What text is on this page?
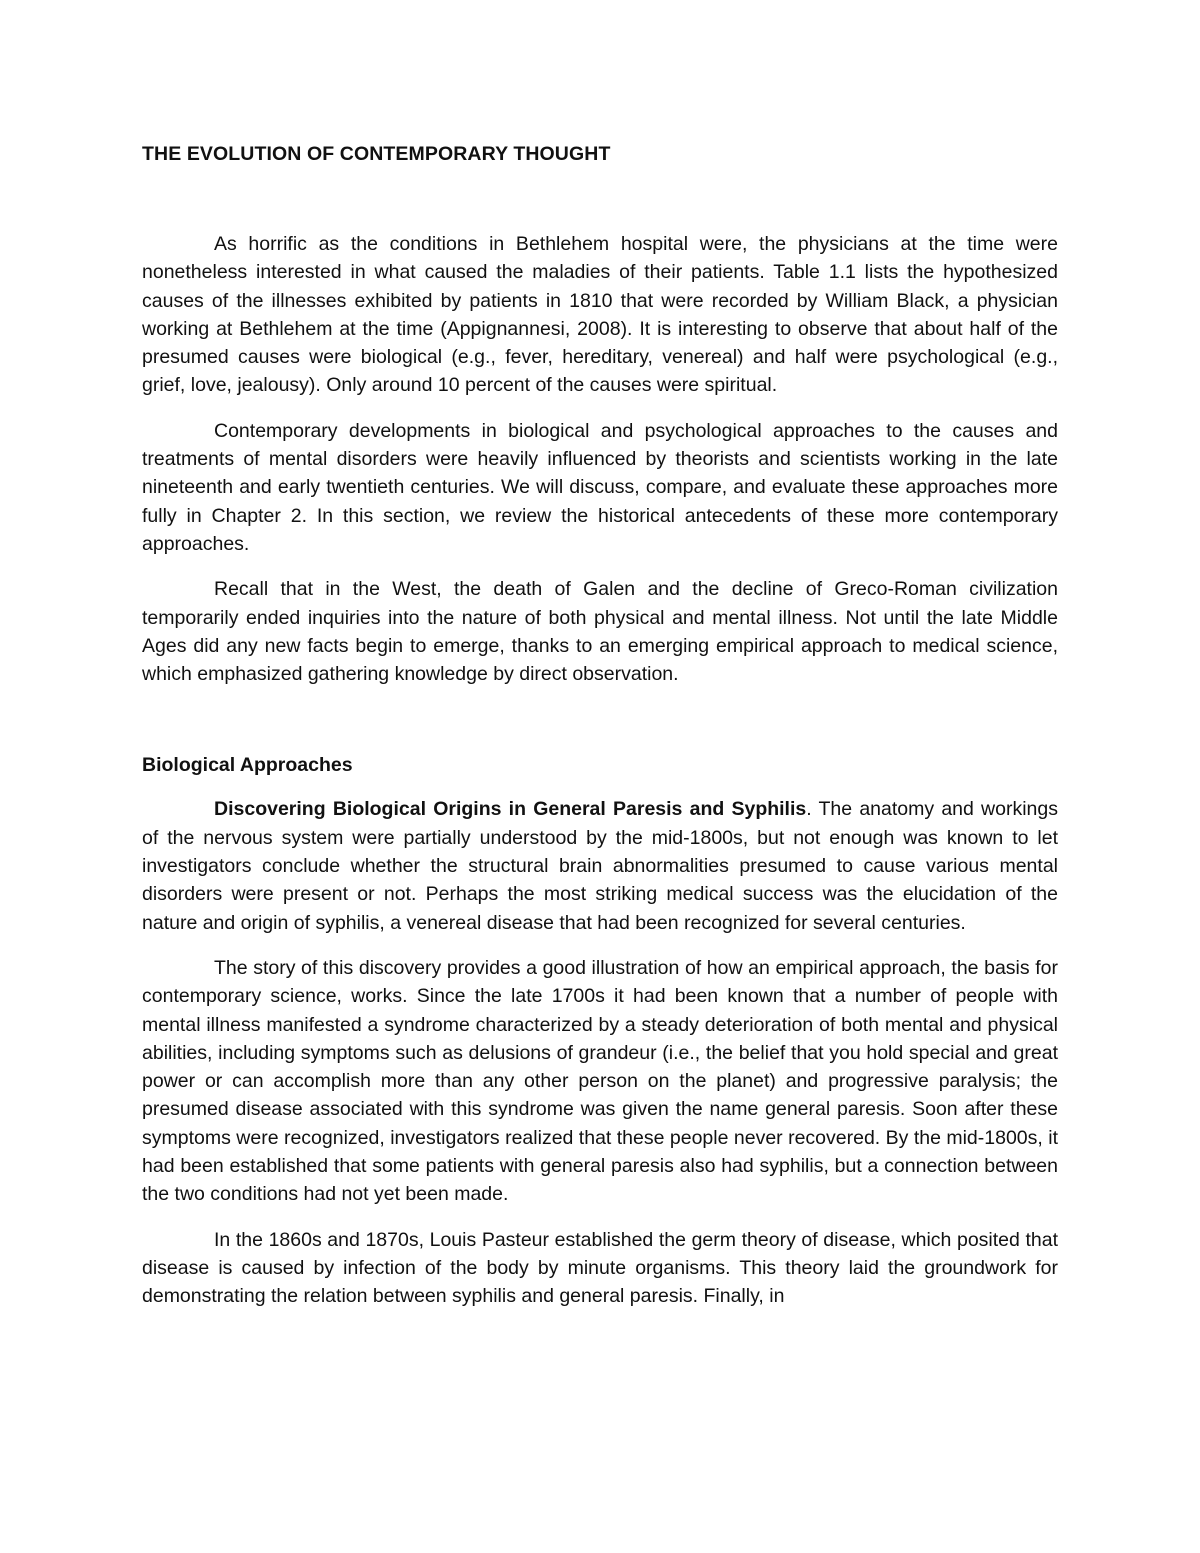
THE EVOLUTION OF CONTEMPORARY THOUGHT

As horrific as the conditions in Bethlehem hospital were, the physicians at the time were nonetheless interested in what caused the maladies of their patients. Table 1.1 lists the hypothesized causes of the illnesses exhibited by patients in 1810 that were recorded by William Black, a physician working at Bethlehem at the time (Appignannesi, 2008). It is interesting to observe that about half of the presumed causes were biological (e.g., fever, hereditary, venereal) and half were psychological (e.g., grief, love, jealousy). Only around 10 percent of the causes were spiritual.

Contemporary developments in biological and psychological approaches to the causes and treatments of mental disorders were heavily influenced by theorists and scientists working in the late nineteenth and early twentieth centuries. We will discuss, compare, and evaluate these approaches more fully in Chapter 2. In this section, we review the historical antecedents of these more contemporary approaches.

Recall that in the West, the death of Galen and the decline of Greco-Roman civilization temporarily ended inquiries into the nature of both physical and mental illness. Not until the late Middle Ages did any new facts begin to emerge, thanks to an emerging empirical approach to medical science, which emphasized gathering knowledge by direct observation.

Biological Approaches

Discovering Biological Origins in General Paresis and Syphilis. The anatomy and workings of the nervous system were partially understood by the mid-1800s, but not enough was known to let investigators conclude whether the structural brain abnormalities presumed to cause various mental disorders were present or not. Perhaps the most striking medical success was the elucidation of the nature and origin of syphilis, a venereal disease that had been recognized for several centuries.

The story of this discovery provides a good illustration of how an empirical approach, the basis for contemporary science, works. Since the late 1700s it had been known that a number of people with mental illness manifested a syndrome characterized by a steady deterioration of both mental and physical abilities, including symptoms such as delusions of grandeur (i.e., the belief that you hold special and great power or can accomplish more than any other person on the planet) and progressive paralysis; the presumed disease associated with this syndrome was given the name general paresis. Soon after these symptoms were recognized, investigators realized that these people never recovered. By the mid-1800s, it had been established that some patients with general paresis also had syphilis, but a connection between the two conditions had not yet been made.

In the 1860s and 1870s, Louis Pasteur established the germ theory of disease, which posited that disease is caused by infection of the body by minute organisms. This theory laid the groundwork for demonstrating the relation between syphilis and general paresis. Finally, in
